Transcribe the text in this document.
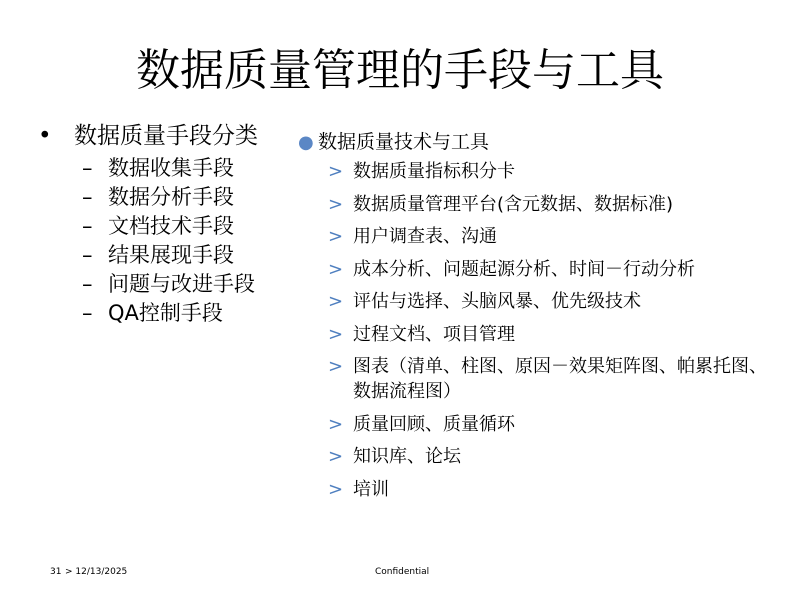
数据质量管理的手段与工具
• 数据质量手段分类
– 数据收集手段
– 数据分析手段
– 文档技术手段
– 结果展现手段
– 问题与改进手段
– QA控制手段
● 数据质量技术与工具
> 数据质量指标积分卡
> 数据质量管理平台(含元数据、数据标准)
> 用户调查表、沟通
> 成本分析、问题起源分析、时间－行动分析
> 评估与选择、头脑风暴、优先级技术
> 过程文档、项目管理
> 图表（清单、柱图、原因－效果矩阵图、帕累托图、数据流程图）
> 质量回顾、质量循环
> 知识库、论坛
> 培训
31 > 12/13/2025	Confidential
